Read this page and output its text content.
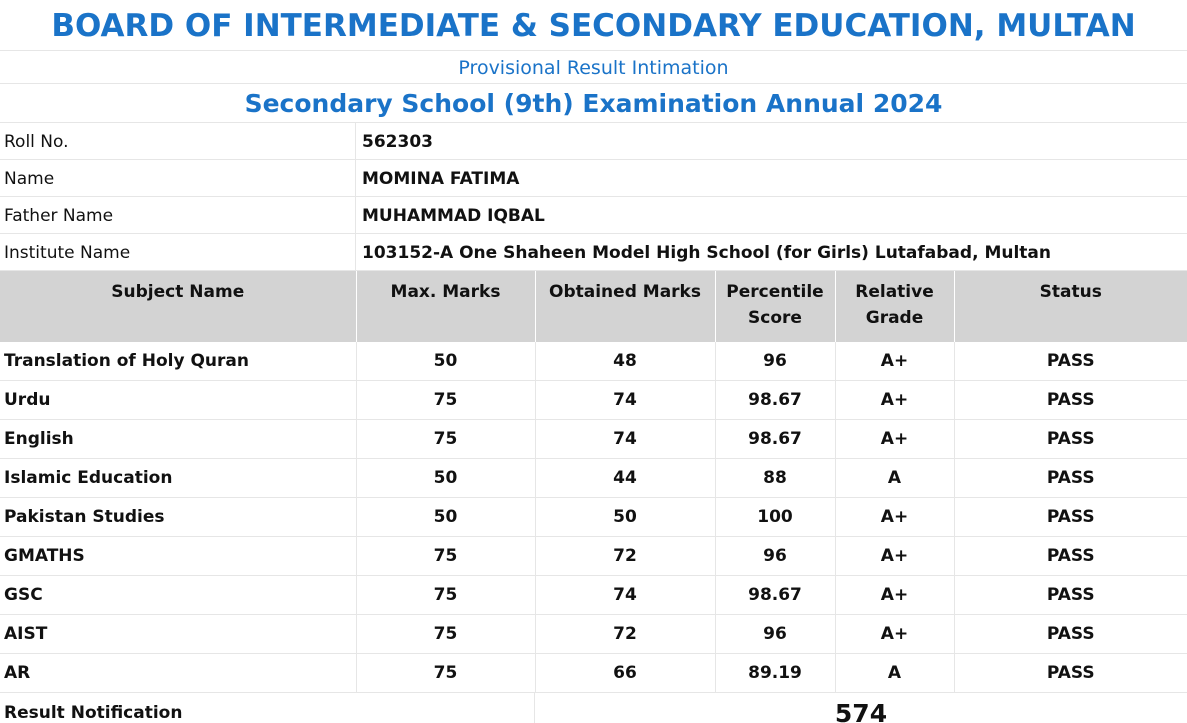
BOARD OF INTERMEDIATE & SECONDARY EDUCATION, MULTAN
Provisional Result Intimation
Secondary School (9th) Examination Annual 2024
Roll No.	562303
Name	MOMINA FATIMA
Father Name	MUHAMMAD IQBAL
Institute Name	103152-A One Shaheen Model High School (for Girls) Lutafabad, Multan
Subject Name	Max. Marks	Obtained Marks	Percentile Score	Relative Grade	Status
Translation of Holy Quran	50	48	96	A+	PASS
Urdu	75	74	98.67	A+	PASS
English	75	74	98.67	A+	PASS
Islamic Education	50	44	88	A	PASS
Pakistan Studies	50	50	100	A+	PASS
GMATHS	75	72	96	A+	PASS
GSC	75	74	98.67	A+	PASS
AIST	75	72	96	A+	PASS
AR	75	66	89.19	A	PASS
Result Notification	574
